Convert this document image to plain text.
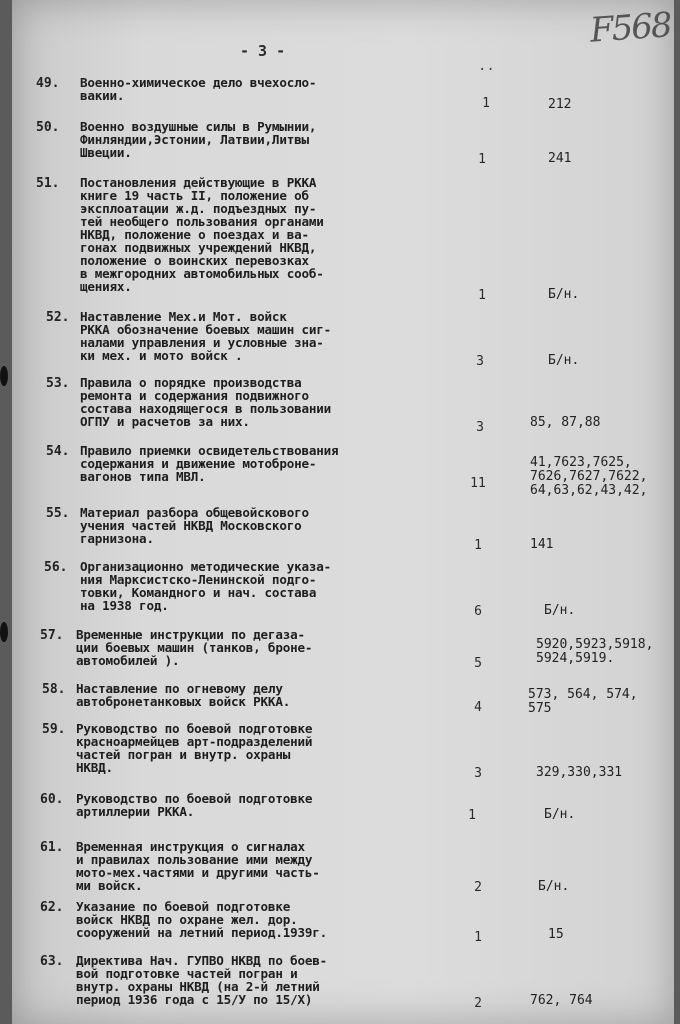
F568
- 3 -
..
49. Военно-химическое дело вчехосло-
вакии.
1	212
50. Военно воздушные силы в Румынии,
Финляндии,Эстонии, Латвии,Литвы
Швеции.	1	241
51. Постановления действующие в РККА
книге 19 часть II, положение об
эксплоатации ж.д. подъездных пу-
тей необщего пользования органами
НКВД, положение о поездах и ва-
гонах подвижных учреждений НКВД,
положение о воинских перевозках
в межгородних автомобильных сооб-
щениях.
1	Б/н.
52. Наставление Мех.и Мот. войск
РККА обозначение боевых машин сиг-
налами управления и условные зна-
ки мех. и мото войск .	3	Б/н.
53. Правила о порядке производства
ремонта и содержания подвижного
состава находящегося в пользовании
ОГПУ и расчетов за них.	3	85, 87,88
54. Правило приемки освидетельствования
содержания и движение мотоброне-
вагонов типа МВЛ.	11
41,7623,7625,
7626,7627,7622,
64,63,62,43,42,
55. Материал разбора общевойскового
учения частей НКВД Московского
гарнизона.	1	141
56. Организационно методические указа-
ния Марксистско-Ленинской подго-
товки, Командного и нач. состава
на 1938 год.	6	Б/н.
57. Временные инструкции по дегаза-
ции боевых машин (танков, броне-
автомобилей ).	5
5920,5923,5918,
5924,5919.
58. Наставление по огневому делу
автобронетанковых войск РККА.	4
573, 564, 574,
575
59. Руководство по боевой подготовке
красноармейцев арт-подразделений
частей погран и внутр. охраны
НКВД.	3	329,330,331
60. Руководство по боевой подготовке
артиллерии РККА.	1	Б/н.
61. Временная инструкция о сигналах
и правилах пользование ими между
мото-мех.частями и другими часть-
ми войск.	2	Б/н.
62. Указание по боевой подготовке
войск НКВД по охране жел. дор.
сооружений на летний период.1939г.	1	15
63. Директива Нач. ГУПВО НКВД по боев-
вой подготовке частей погран и
внутр. охраны НКВД (на 2-й летний
период 1936 года с 15/У по 15/Х)	2	762, 764
